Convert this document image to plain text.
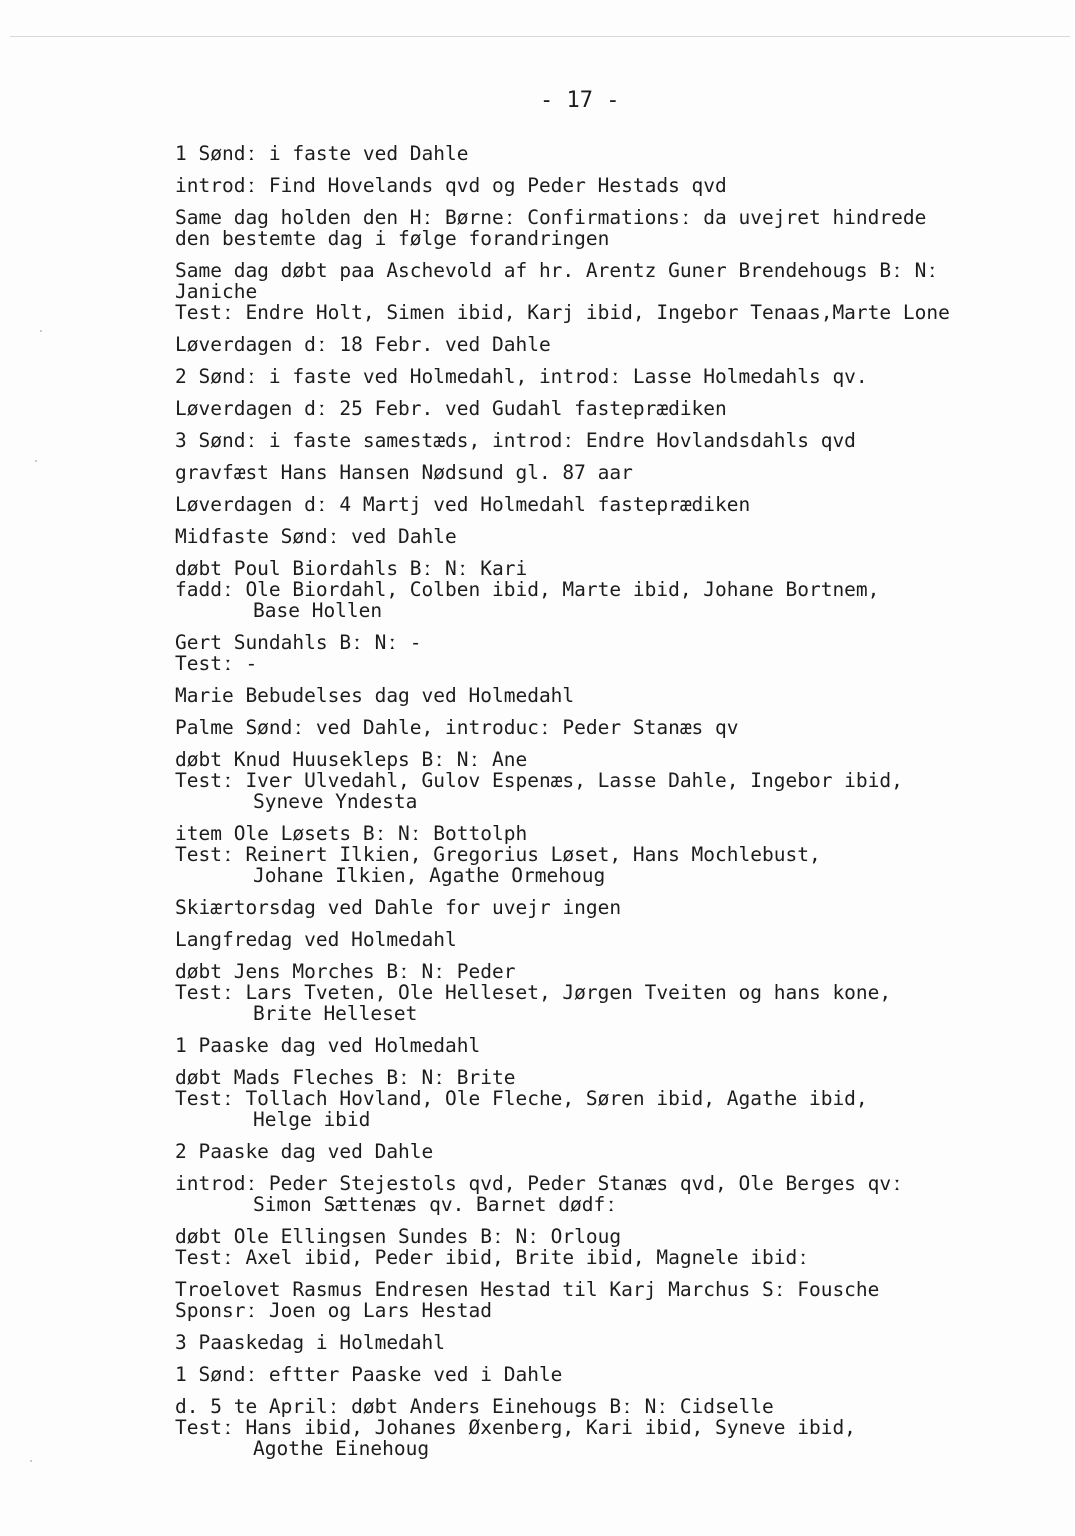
- 17 -
1 Søndː i faste ved Dahle
introdː Find Hovelands qvd og Peder Hestads qvd
Same dag holden den Hː Børneː Confirmationsː da uvejret hindrede
den bestemte dag i følge forandringen
Same dag døbt paa Aschevold af hr. Arentz Guner Brendehougs Bː Nː
Janiche
Testː Endre Holt, Simen ibid, Karj ibid, Ingebor Tenaas,Marte Lone
Løverdagen dː 18 Febr. ved Dahle
2 Søndː i faste ved Holmedahl, introdː Lasse Holmedahls qv.
Løverdagen dː 25 Febr. ved Gudahl fasteprædiken
3 Søndː i faste samestæds, introdː Endre Hovlandsdahls qvd
gravfæst Hans Hansen Nødsund gl. 87 aar
Løverdagen dː 4 Martj ved Holmedahl fasteprædiken
Midfaste Søndː ved Dahle
døbt Poul Biordahls Bː Nː Kari
faddː Ole Biordahl, Colben ibid, Marte ibid, Johane Bortnem,
Base Hollen
Gert Sundahls Bː Nː -
Testː -
Marie Bebudelses dag ved Holmedahl
Palme Søndː ved Dahle, introducː Peder Stanæs qv
døbt Knud Huusekleps Bː Nː Ane
Testː Iver Ulvedahl, Gulov Espenæs, Lasse Dahle, Ingebor ibid,
Syneve Yndesta
item Ole Løsets Bː Nː Bottolph
Testː Reinert Ilkien, Gregorius Løset, Hans Mochlebust,
Johane Ilkien, Agathe Ormehoug
Skiærtorsdag ved Dahle for uvejr ingen
Langfredag ved Holmedahl
døbt Jens Morches Bː Nː Peder
Testː Lars Tveten, Ole Helleset, Jørgen Tveiten og hans kone,
Brite Helleset
1 Paaske dag ved Holmedahl
døbt Mads Fleches Bː Nː Brite
Testː Tollach Hovland, Ole Fleche, Søren ibid, Agathe ibid,
Helge ibid
2 Paaske dag ved Dahle
introdː Peder Stejestols qvd, Peder Stanæs qvd, Ole Berges qvː
Simon Sættenæs qv. Barnet dødfː
døbt Ole Ellingsen Sundes Bː Nː Orloug
Testː Axel ibid, Peder ibid, Brite ibid, Magnele ibidː
Troelovet Rasmus Endresen Hestad til Karj Marchus Sː Fousche
Sponsrː Joen og Lars Hestad
3 Paaskedag i Holmedahl
1 Søndː eftter Paaske ved i Dahle
d. 5 te Aprilː døbt Anders Einehougs Bː Nː Cidselle
Testː Hans ibid, Johanes Øxenberg, Kari ibid, Syneve ibid,
Agothe Einehoug
